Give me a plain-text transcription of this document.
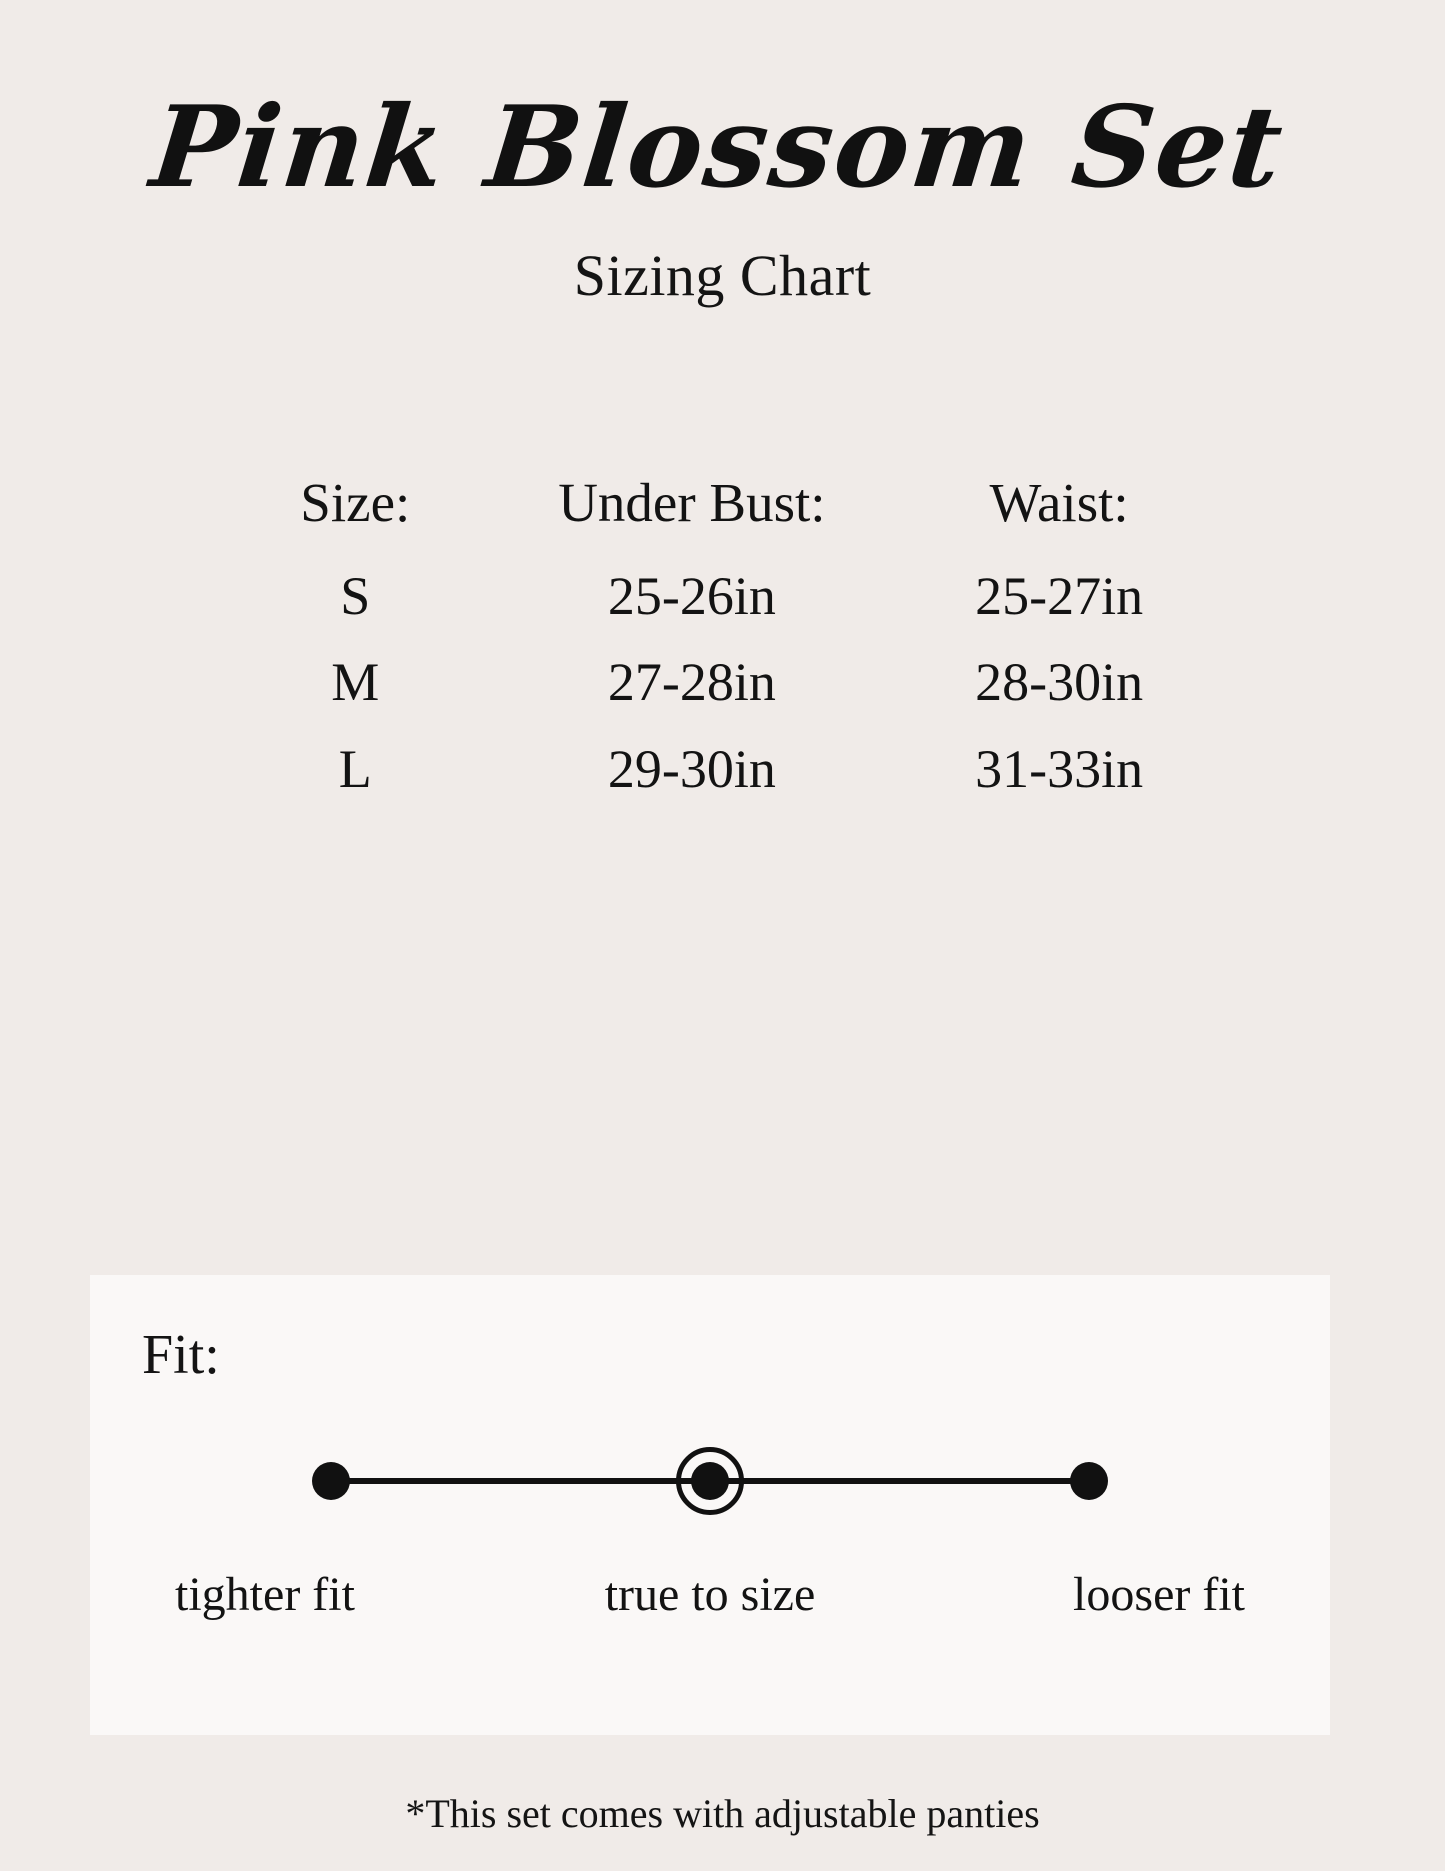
Pink Blossom Set
Sizing Chart
Size:	Under Bust:	Waist:
S	25-26in	25-27in
M	27-28in	28-30in
L	29-30in	31-33in

Fit:

tighter fit	true to size	looser fit
*This set comes with adjustable panties
